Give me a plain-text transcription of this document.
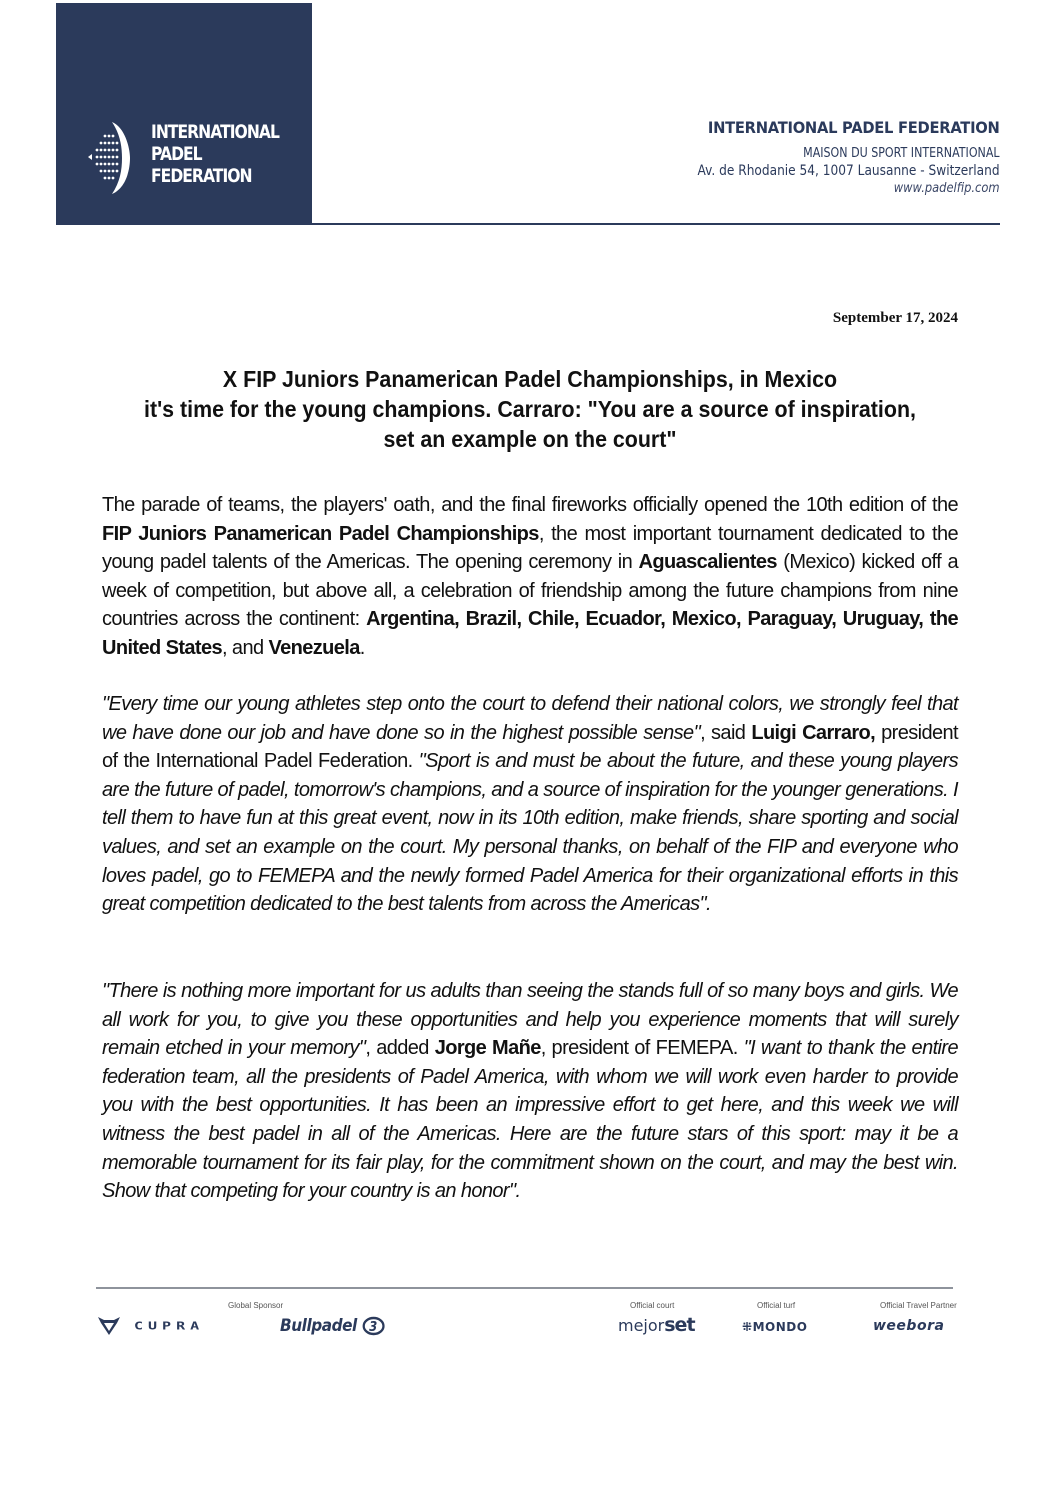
INTERNATIONAL
PADEL
FEDERATION
INTERNATIONAL PADEL FEDERATION
MAISON DU SPORT INTERNATIONAL
Av. de Rhodanie 54, 1007 Lausanne - Switzerland
www.padelfip.com
September 17, 2024
X FIP Juniors Panamerican Padel Championships, in Mexico
it's time for the young champions. Carraro: "You are a source of inspiration,
set an example on the court"
The parade of teams, the players' oath, and the final fireworks officially opened the 10th edition of the FIP Juniors Panamerican Padel Championships, the most important tournament dedicated to the young padel talents of the Americas. The opening ceremony in Aguascalientes (Mexico) kicked off a week of competition, but above all, a celebration of friendship among the future champions from nine countries across the continent: Argentina, Brazil, Chile, Ecuador, Mexico, Paraguay, Uruguay, the United States, and Venezuela.
"Every time our young athletes step onto the court to defend their national colors, we strongly feel that we have done our job and have done so in the highest possible sense", said Luigi Carraro, president of the International Padel Federation. "Sport is and must be about the future, and these young players are the future of padel, tomorrow's champions, and a source of inspiration for the younger generations. I tell them to have fun at this great event, now in its 10th edition, make friends, share sporting and social values, and set an example on the court. My personal thanks, on behalf of the FIP and everyone who loves padel, go to FEMEPA and the newly formed Padel America for their organizational efforts in this great competition dedicated to the best talents from across the Americas".
"There is nothing more important for us adults than seeing the stands full of so many boys and girls. We all work for you, to give you these opportunities and help you experience moments that will surely remain etched in your memory", added Jorge Mañe, president of FEMEPA. "I want to thank the entire federation team, all the presidents of Padel America, with whom we will work even harder to provide you with the best opportunities. It has been an impressive effort to get here, and this week we will witness the best padel in all of the Americas. Here are the future stars of this sport: may it be a memorable tournament for its fair play, for the commitment shown on the court, and may the best win. Show that competing for your country is an honor".
Global Sponsor	Official court	Official turf	Official Travel Partner
CUPRA	Bullpadel 3	mejorset	⁜MONDO	weebora
